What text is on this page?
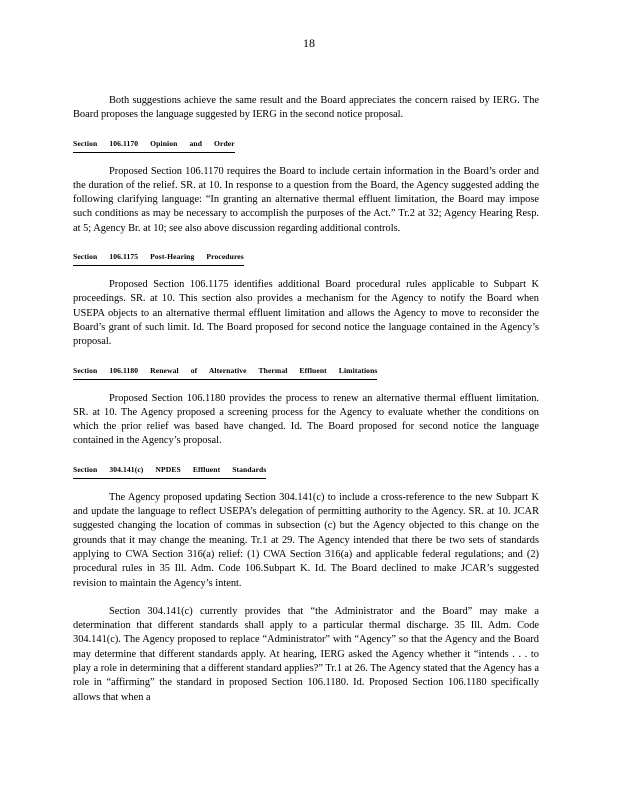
18

Both suggestions achieve the same result and the Board appreciates the concern raised by IERG. The Board proposes the language suggested by IERG in the second notice proposal.

Section 106.1170 Opinion and Order

Proposed Section 106.1170 requires the Board to include certain information in the Board’s order and the duration of the relief. SR. at 10. In response to a question from the Board, the Agency suggested adding the following clarifying language: “In granting an alternative thermal effluent limitation, the Board may impose such conditions as may be necessary to accomplish the purposes of the Act.” Tr.2 at 32; Agency Hearing Resp. at 5; Agency Br. at 10; see also above discussion regarding additional controls.

Section 106.1175 Post-Hearing Procedures

Proposed Section 106.1175 identifies additional Board procedural rules applicable to Subpart K proceedings. SR. at 10. This section also provides a mechanism for the Agency to notify the Board when USEPA objects to an alternative thermal effluent limitation and allows the Agency to move to reconsider the Board’s grant of such limit. Id. The Board proposed for second notice the language contained in the Agency’s proposal.

Section 106.1180 Renewal of Alternative Thermal Effluent Limitations

Proposed Section 106.1180 provides the process to renew an alternative thermal effluent limitation. SR. at 10. The Agency proposed a screening process for the Agency to evaluate whether the conditions on which the prior relief was based have changed. Id. The Board proposed for second notice the language contained in the Agency’s proposal.

Section 304.141(c) NPDES Effluent Standards

The Agency proposed updating Section 304.141(c) to include a cross-reference to the new Subpart K and update the language to reflect USEPA’s delegation of permitting authority to the Agency. SR. at 10. JCAR suggested changing the location of commas in subsection (c) but the Agency objected to this change on the grounds that it may change the meaning. Tr.1 at 29. The Agency intended that there be two sets of standards applying to CWA Section 316(a) relief: (1) CWA Section 316(a) and applicable federal regulations; and (2) procedural rules in 35 Ill. Adm. Code 106.Subpart K. Id. The Board declined to make JCAR’s suggested revision to maintain the Agency’s intent.

Section 304.141(c) currently provides that “the Administrator and the Board” may make a determination that different standards shall apply to a particular thermal discharge. 35 Ill. Adm. Code 304.141(c). The Agency proposed to replace “Administrator” with “Agency” so that the Agency and the Board may determine that different standards apply. At hearing, IERG asked the Agency whether it “intends . . . to play a role in determining that a different standard applies?” Tr.1 at 26. The Agency stated that the Agency has a role in “affirming” the standard in proposed Section 106.1180. Id. Proposed Section 106.1180 specifically allows that when a
